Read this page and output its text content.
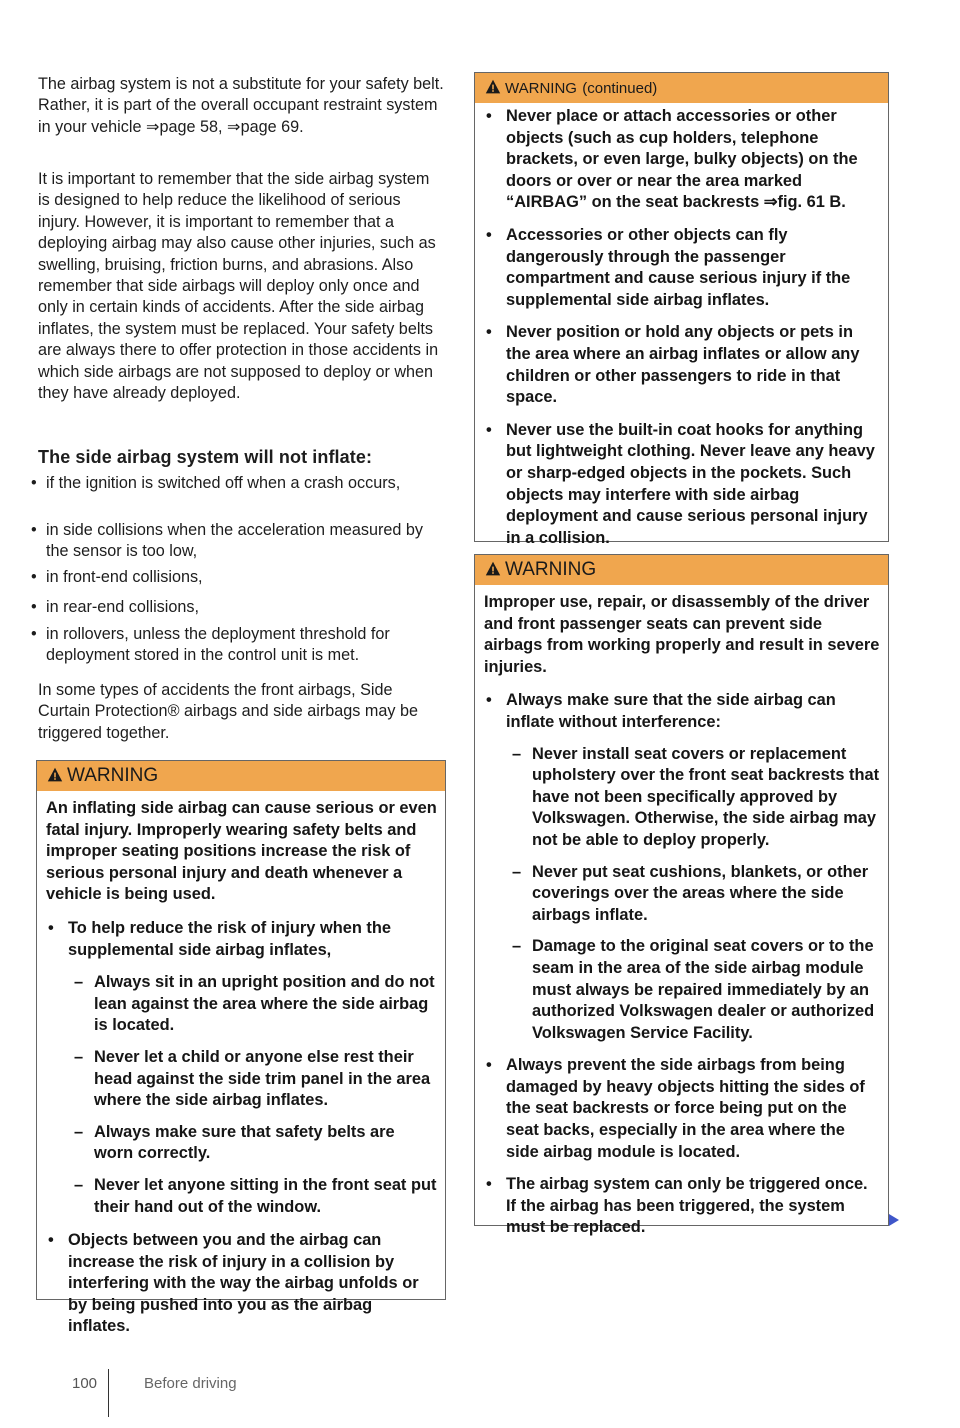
The airbag system is not a substitute for your safety belt. Rather, it is part of the overall occupant restraint system in your vehicle ⇒page 58, ⇒page 69.

It is important to remember that the side airbag system is designed to help reduce the likelihood of serious injury. However, it is important to remember that a deploying airbag may also cause other injuries, such as swelling, bruising, friction burns, and abrasions. Also remember that side airbags will deploy only once and only in certain kinds of accidents. After the side airbag inflates, the system must be replaced. Your safety belts are always there to offer protection in those accidents in which side airbags are not supposed to deploy or when they have already deployed.

The side airbag system will not inflate:
• if the ignition is switched off when a crash occurs,
• in side collisions when the acceleration measured by the sensor is too low,
• in front-end collisions,
• in rear-end collisions,
• in rollovers, unless the deployment threshold for deployment stored in the control unit is met.

In some types of accidents the front airbags, Side Curtain Protection® airbags and side airbags may be triggered together.

WARNING

An inflating side airbag can cause serious or even fatal injury. Improperly wearing safety belts and improper seating positions increase the risk of serious personal injury and death whenever a vehicle is being used.

• To help reduce the risk of injury when the supplemental side airbag inflates,
– Always sit in an upright position and do not lean against the area where the side airbag is located.
– Never let a child or anyone else rest their head against the side trim panel in the area where the side airbag inflates.
– Always make sure that safety belts are worn correctly.
– Never let anyone sitting in the front seat put their hand out of the window.
• Objects between you and the airbag can increase the risk of injury in a collision by interfering with the way the airbag unfolds or by being pushed into you as the airbag inflates.
WARNING (continued)
• Never place or attach accessories or other objects (such as cup holders, telephone brackets, or even large, bulky objects) on the doors or over or near the area marked “AIRBAG” on the seat backrests ⇒fig. 61 B.
• Accessories or other objects can fly dangerously through the passenger compartment and cause serious injury if the supplemental side airbag inflates.
• Never position or hold any objects or pets in the area where an airbag inflates or allow any children or other passengers to ride in that space.
• Never use the built-in coat hooks for anything but lightweight clothing. Never leave any heavy or sharp-edged objects in the pockets. Such objects may interfere with side airbag deployment and cause serious personal injury in a collision.
WARNING

Improper use, repair, or disassembly of the driver and front passenger seats can prevent side airbags from working properly and result in severe injuries.

• Always make sure that the side airbag can inflate without interference:
– Never install seat covers or replacement upholstery over the front seat backrests that have not been specifically approved by Volkswagen. Otherwise, the side airbag may not be able to deploy properly.
– Never put seat cushions, blankets, or other coverings over the areas where the side airbags inflate.
– Damage to the original seat covers or to the seam in the area of the side airbag module must always be repaired immediately by an authorized Volkswagen dealer or authorized Volkswagen Service Facility.
• Always prevent the side airbags from being damaged by heavy objects hitting the sides of the seat backrests or force being put on the seat backs, especially in the area where the side airbag module is located.
• The airbag system can only be triggered once. If the airbag has been triggered, the system must be replaced.
100	Before driving
